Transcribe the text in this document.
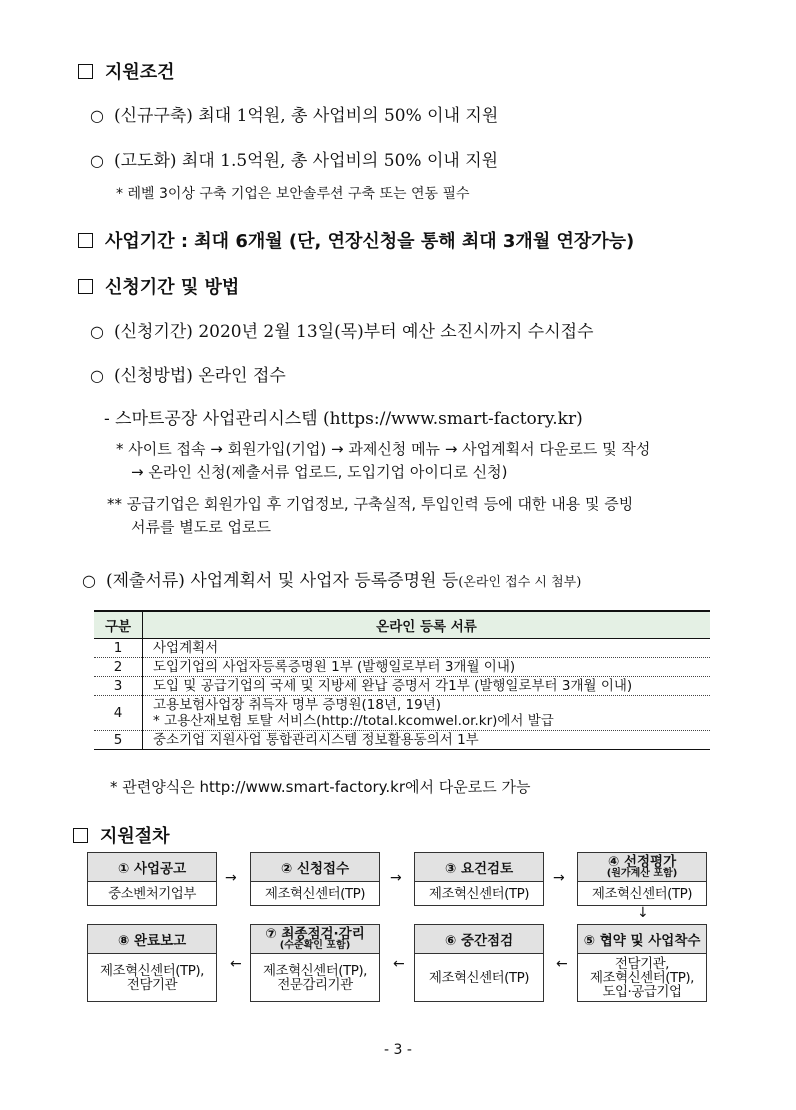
지원조건
○ (신규구축) 최대 1억원, 총 사업비의 50% 이내 지원
○ (고도화) 최대 1.5억원, 총 사업비의 50% 이내 지원
* 레벨 3이상 구축 기업은 보안솔루션 구축 또는 연동 필수
사업기간 : 최대 6개월 (단, 연장신청을 통해 최대 3개월 연장가능)
신청기간 및 방법
○ (신청기간) 2020년 2월 13일(목)부터 예산 소진시까지 수시접수
○ (신청방법) 온라인 접수
- 스마트공장 사업관리시스템 (https://www.smart-factory.kr)
* 사이트 접속 → 회원가입(기업) → 과제신청 메뉴 → 사업계획서 다운로드 및 작성
→ 온라인 신청(제출서류 업로드, 도입기업 아이디로 신청)
** 공급기업은 회원가입 후 기업정보, 구축실적, 투입인력 등에 대한 내용 및 증빙
서류를 별도로 업로드
○ (제출서류) 사업계획서 및 사업자 등록증명원 등(온라인 접수 시 첨부)
구분	온라인 등록 서류
1	사업계획서
2	도입기업의 사업자등록증명원 1부 (발행일로부터 3개월 이내)
3	도입 및 공급기업의 국세 및 지방세 완납 증명서 각1부 (발행일로부터 3개월 이내)
4	고용보험사업장 취득자 명부 증명원(18년, 19년)
* 고용산재보험 토탈 서비스(http://total.kcomwel.or.kr)에서 발급

5	중소기업 지원사업 통합관리시스템 정보활용동의서 1부
* 관련양식은 http://www.smart-factory.kr에서 다운로드 가능
지원절차
① 사업공고
중소벤처기업부
→
② 신청접수
제조혁신센터(TP)
→
③ 요건검토
제조혁신센터(TP)
→
④ 선정평가
(원가계산 포함)
제조혁신센터(TP)
↓
⑧ 완료보고
제조혁신센터(TP),
전담기관
←
⑦ 최종점검·감리
(수준확인 포함)
제조혁신센터(TP),
전문감리기관
←
⑥ 중간점검
제조혁신센터(TP)
←
⑤ 협약 및 사업착수
전담기관,
제조혁신센터(TP),
도입·공급기업
- 3 -
